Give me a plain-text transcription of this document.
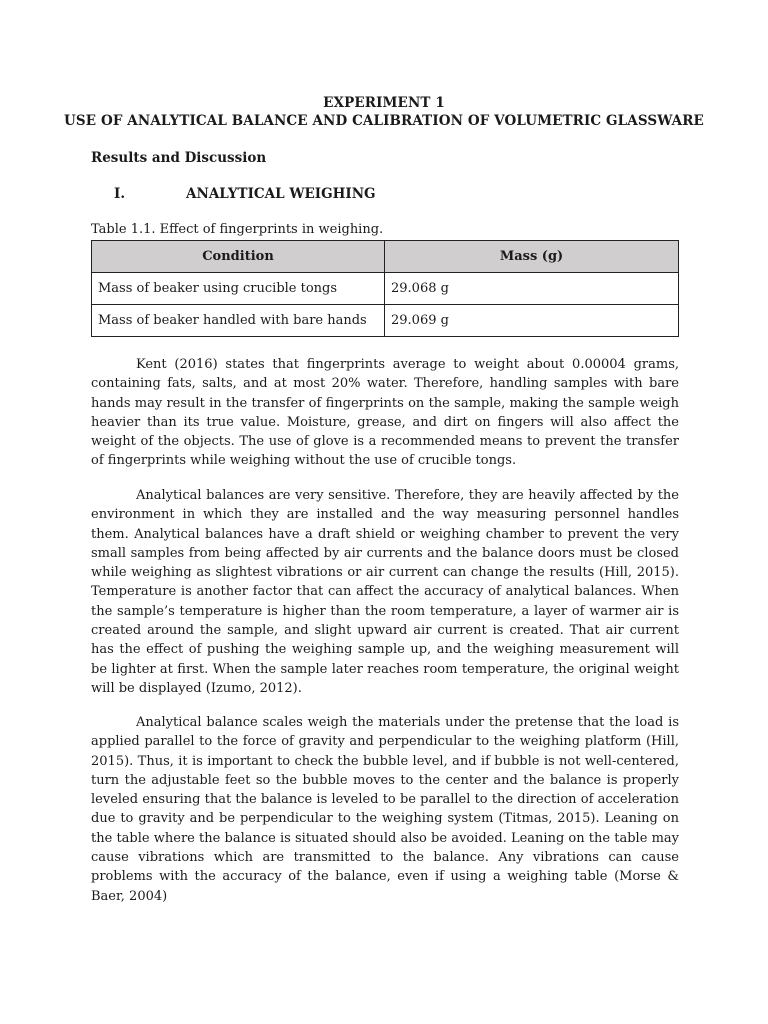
EXPERIMENT 1
USE OF ANALYTICAL BALANCE AND CALIBRATION OF VOLUMETRIC GLASSWARE
Results and Discussion
I.	ANALYTICAL WEIGHING
Table 1.1. Effect of fingerprints in weighing.
Condition	Mass (g)
Mass of beaker using crucible tongs	29.068 g
Mass of beaker handled with bare hands	29.069 g

Kent (2016) states that fingerprints average to weight about 0.00004 grams, containing fats, salts, and at most 20% water. Therefore, handling samples with bare hands may result in the transfer of fingerprints on the sample, making the sample weigh heavier than its true value. Moisture, grease, and dirt on fingers will also affect the weight of the objects. The use of glove is a recommended means to prevent the transfer of fingerprints while weighing without the use of crucible tongs.

Analytical balances are very sensitive. Therefore, they are heavily affected by the environment in which they are installed and the way measuring personnel handles them. Analytical balances have a draft shield or weighing chamber to prevent the very small samples from being affected by air currents and the balance doors must be closed while weighing as slightest vibrations or air current can change the results (Hill, 2015). Temperature is another factor that can affect the accuracy of analytical balances. When the sample’s temperature is higher than the room temperature, a layer of warmer air is created around the sample, and slight upward air current is created. That air current has the effect of pushing the weighing sample up, and the weighing measurement will be lighter at first. When the sample later reaches room temperature, the original weight will be displayed (Izumo, 2012).

Analytical balance scales weigh the materials under the pretense that the load is applied parallel to the force of gravity and perpendicular to the weighing platform (Hill, 2015). Thus, it is important to check the bubble level, and if bubble is not well-centered, turn the adjustable feet so the bubble moves to the center and the balance is properly leveled ensuring that the balance is leveled to be parallel to the direction of acceleration due to gravity and be perpendicular to the weighing system (Titmas, 2015). Leaning on the table where the balance is situated should also be avoided. Leaning on the table may cause vibrations which are transmitted to the balance. Any vibrations can cause problems with the accuracy of the balance, even if using a weighing table (Morse & Baer, 2004)
